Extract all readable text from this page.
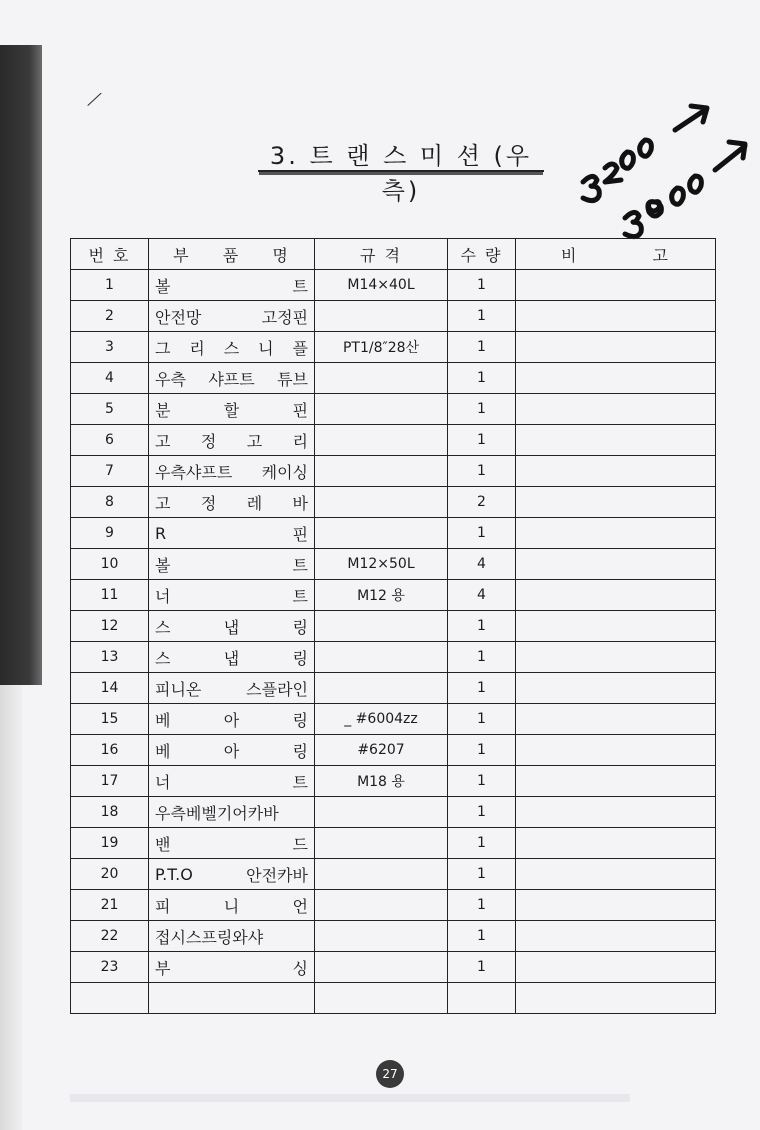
╱
3. 트 랜 스 미 션 (우측)
번 호	부 품 명	규 격	수 량	비 고

1	볼 트	M14×40L	1	
2	안전망 고정핀		1	
3	그 리 스 니 플	PT1/8″28산	1	
4	우측 샤프트 튜브		1	
5	분 할 핀		1	
6	고 정 고 리		1	
7	우측샤프트 케이싱		1	
8	고 정 레 바		2	
9	R 핀		1	
10	볼 트	M12×50L	4	
11	너 트	M12 용	4	
12	스 냅 링		1	
13	스 냅 링		1	
14	피니온 스플라인		1	
15	베 아 링	_ #6004zz	1	
16	베 아 링	#6207	1	
17	너 트	M18 용	1	
18	우측베벨기어카바		1	
19	밴 드		1	
20	P.T.O 안전카바		1	
21	피 니 언		1	
22	접시스프링와샤		1	
23	부 싱		1	

27
